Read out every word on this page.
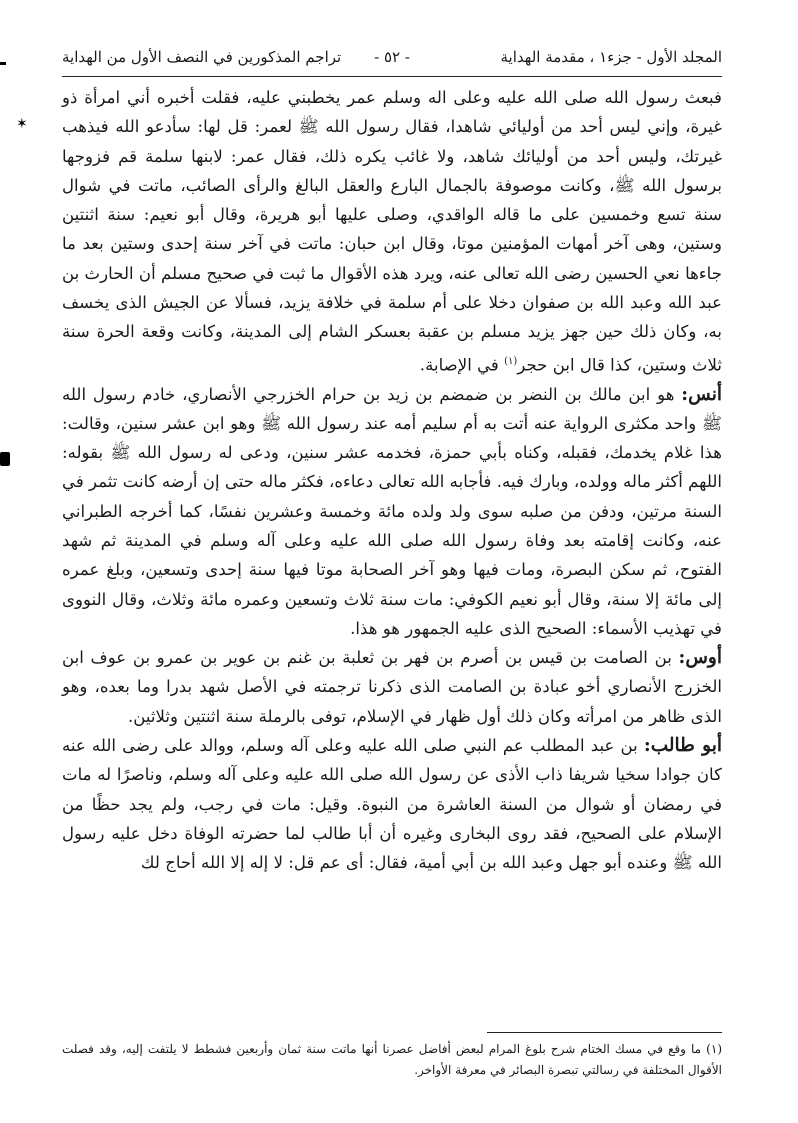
✶
المجلد الأول - جزء١ ، مقدمة الهداية
- ٥٢ -
تراجم المذكورين في النصف الأول من الهداية

فبعث رسول الله صلى الله عليه وعلى اله وسلم عمر يخطبني عليه، فقلت أخبره أني امرأة ذو غيرة، وإني ليس أحد من أوليائي شاهدا، فقال رسول الله ﷺ لعمر: قل لها: سأدعو الله فيذهب غيرتك، وليس أحد من أوليائك شاهد، ولا غائب يكره ذلك، فقال عمر: لابنها سلمة قم فزوجها برسول الله ﷺ، وكانت موصوفة بالجمال البارع والعقل البالغ والرأى الصائب، ماتت في شوال سنة تسع وخمسين على ما قاله الواقدي، وصلى عليها أبو هريرة، وقال أبو نعيم: سنة اثنتين وستين، وهى آخر أمهات المؤمنين موتا، وقال ابن حبان: ماتت في آخر سنة إحدى وستين بعد ما جاءها نعي الحسين رضى الله تعالى عنه، ويرد هذه الأقوال ما ثبت في صحيح مسلم أن الحارث بن عبد الله وعبد الله بن صفوان دخلا على أم سلمة في خلافة يزيد، فسألا عن الجيش الذى يخسف به، وكان ذلك حين جهز يزيد مسلم بن عقبة بعسكر الشام إلى المدينة، وكانت وقعة الحرة سنة ثلاث وستين، كذا قال ابن حجر$^{(١)}$ في الإصابة.

أنس: هو ابن مالك بن النضر بن ضمضم بن زيد بن حرام الخزرجي الأنصاري، خادم رسول الله ﷺ واحد مكثرى الرواية عنه أتت به أم سليم أمه عند رسول الله ﷺ وهو ابن عشر سنين، وقالت: هذا غلام يخدمك، فقبله، وكناه بأبي حمزة، فخدمه عشر سنين، ودعى له رسول الله ﷺ بقوله: اللهم أكثر ماله وولده، وبارك فيه. فأجابه الله تعالى دعاءه، فكثر ماله حتى إن أرضه كانت تثمر في السنة مرتين، ودفن من صلبه سوى ولد ولده مائة وخمسة وعشرين نفسًا، كما أخرجه الطبراني عنه، وكانت إقامته بعد وفاة رسول الله صلى الله عليه وعلى آله وسلم في المدينة ثم شهد الفتوح، ثم سكن البصرة، ومات فيها وهو آخر الصحابة موتا فيها سنة إحدى وتسعين، وبلغ عمره إلى مائة إلا سنة، وقال أبو نعيم الكوفي: مات سنة ثلاث وتسعين وعمره مائة وثلاث، وقال النووى في تهذيب الأسماء: الصحيح الذى عليه الجمهور هو هذا.

أوس: بن الصامت بن قيس بن أصرم بن فهر بن ثعلبة بن غنم بن عوير بن عمرو بن عوف ابن الخزرج الأنصاري أخو عبادة بن الصامت الذى ذكرنا ترجمته في الأصل شهد بدرا وما بعده، وهو الذى ظاهر من امرأته وكان ذلك أول ظهار في الإسلام، توفى بالرملة سنة اثنتين وثلاثين.

أبو طالب: بن عبد المطلب عم النبي صلى الله عليه وعلى آله وسلم، ووالد على رضى الله عنه كان جوادا سخيا شريفا ذاب الأذى عن رسول الله صلى الله عليه وعلى آله وسلم، وناصرًا له مات في رمضان أو شوال من السنة العاشرة من النبوة. وقيل: مات في رجب، ولم يجد حظًا من الإسلام على الصحيح، فقد روى البخارى وغيره أن أبا طالب لما حضرته الوفاة دخل عليه رسول الله ﷺ وعنده أبو جهل وعبد الله بن أبي أمية، فقال: أى عم قل: لا إله إلا الله أحاج لك

(١) ما وقع في مسك الختام شرح بلوغ المرام لبعض أفاضل عصرنا أنها ماتت سنة ثمان وأربعين فشطط لا يلتفت إليه، وقد فصلت الأقوال المختلفة في رسالتي تبصرة البصائر في معرفة الأواخر.
